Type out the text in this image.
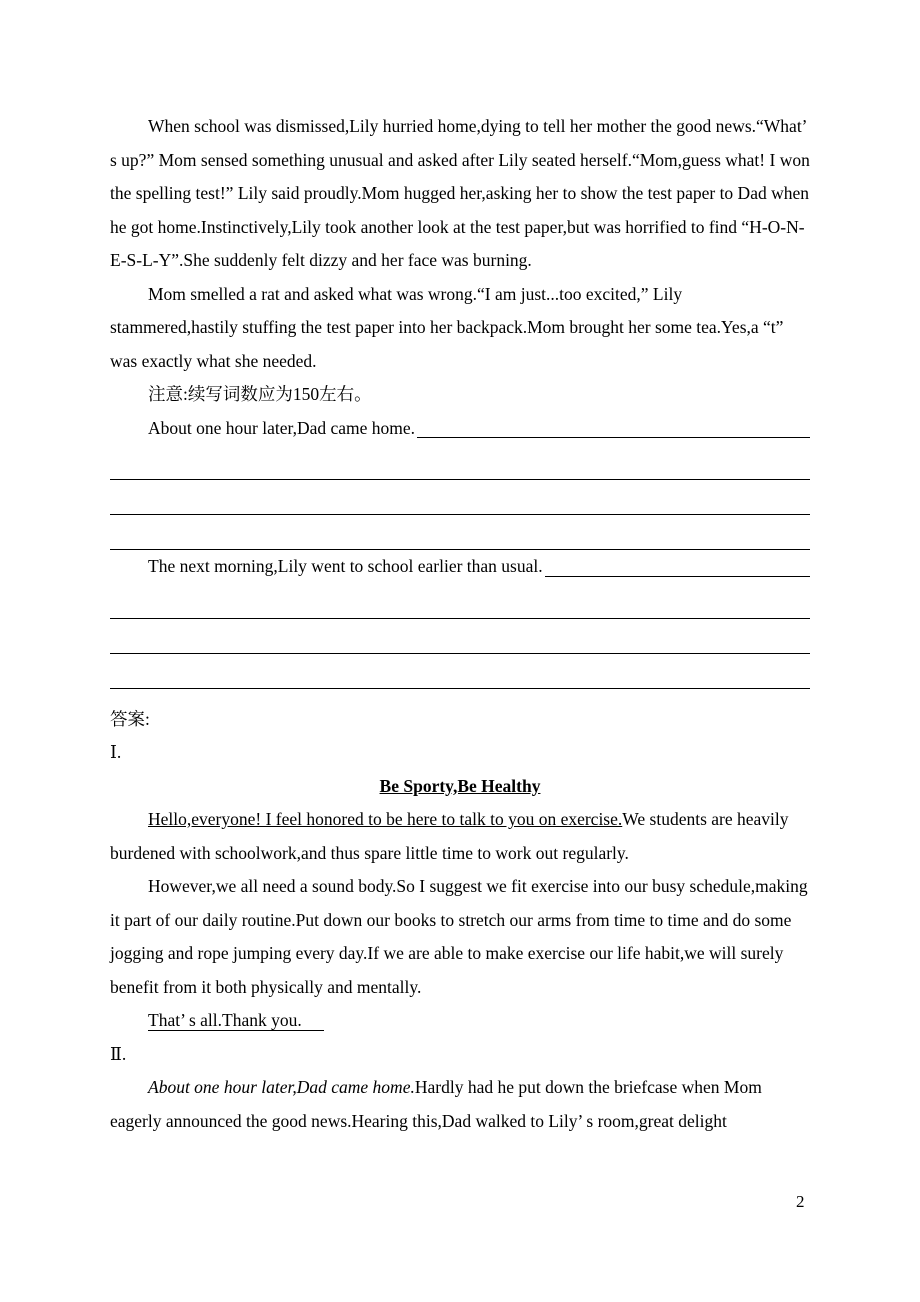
When school was dismissed,Lily hurried home,dying to tell her mother the good news.“What’ s up?” Mom sensed something unusual and asked after Lily seated herself.“Mom,guess what! I won the spelling test!” Lily said proudly.Mom hugged her,asking her to show the test paper to Dad when he got home.Instinctively,Lily took another look at the test paper,but was horrified to find “H-O-N-E-S-L-Y”.She suddenly felt dizzy and her face was burning.

Mom smelled a rat and asked what was wrong.“I am just...too excited,” Lily stammered,hastily stuffing the test paper into her backpack.Mom brought her some tea.Yes,a “t” was exactly what she needed.

注意:续写词数应为150左右。

About one hour later,Dad came home.
The next morning,Lily went to school earlier than usual.

答案:

Ⅰ.

Be Sporty,Be Healthy

Hello,everyone! I feel honored to be here to talk to you on exercise.We students are heavily burdened with schoolwork,and thus spare little time to work out regularly.

However,we all need a sound body.So I suggest we fit exercise into our busy schedule,making it part of our daily routine.Put down our books to stretch our arms from time to time and do some jogging and rope jumping every day.If we are able to make exercise our life habit,we will surely benefit from it both physically and mentally.

That’ s all.Thank you.

Ⅱ.

About one hour later,Dad came home.Hardly had he put down the briefcase when Mom eagerly announced the good news.Hearing this,Dad walked to Lily’ s room,great delight

2
